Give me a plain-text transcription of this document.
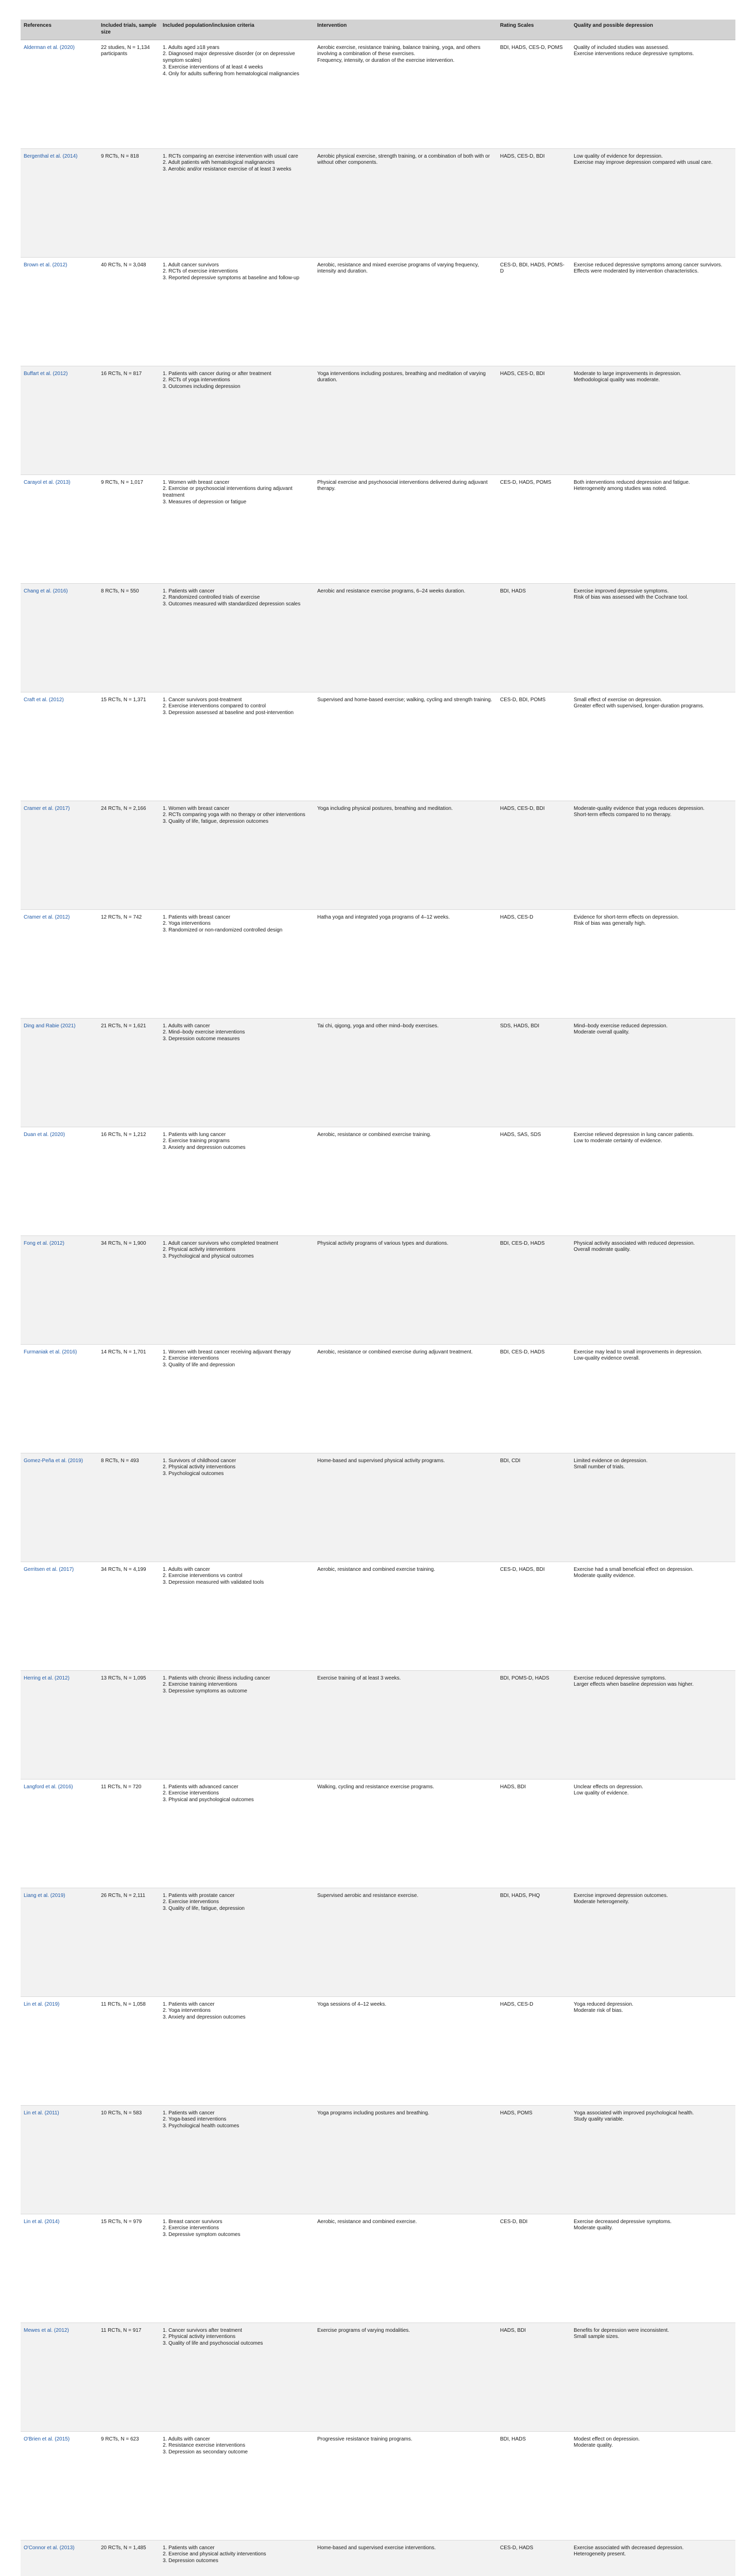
References	Included trials, sample size	Included population/inclusion criteria	Intervention	Rating Scales	Quality and possible depression
Alderman et al. (2020)	22 studies, N = 1,134 participants	1. Adults aged ≥18 years
2. Diagnosed major depressive disorder (or on depressive symptom scales)
3. Exercise interventions of at least 4 weeks
4. Only for adults suffering from hematological malignancies	Aerobic exercise, resistance training, balance training, yoga, and others involving a combination of these exercises.
Frequency, intensity, or duration of the exercise intervention.	BDI, HADS, CES-D, POMS	Quality of included studies was assessed.
Exercise interventions reduce depressive symptoms.

Bergenthal et al. (2014)	9 RCTs, N = 818	1. RCTs comparing an exercise intervention with usual care
2. Adult patients with hematological malignancies
3. Aerobic and/or resistance exercise of at least 3 weeks	Aerobic physical exercise, strength training, or a combination of both with or without other components.	HADS, CES-D, BDI	Low quality of evidence for depression.
Exercise may improve depression compared with usual care.

Brown et al. (2012)	40 RCTs, N = 3,048	1. Adult cancer survivors
2. RCTs of exercise interventions
3. Reported depressive symptoms at baseline and follow-up	Aerobic, resistance and mixed exercise programs of varying frequency, intensity and duration.	CES-D, BDI, HADS, POMS-D	Exercise reduced depressive symptoms among cancer survivors.
Effects were moderated by intervention characteristics.

Buffart et al. (2012)	16 RCTs, N = 817	1. Patients with cancer during or after treatment
2. RCTs of yoga interventions
3. Outcomes including depression	Yoga interventions including postures, breathing and meditation of varying duration.	HADS, CES-D, BDI	Moderate to large improvements in depression.
Methodological quality was moderate.

Carayol et al. (2013)	9 RCTs, N = 1,017	1. Women with breast cancer
2. Exercise or psychosocial interventions during adjuvant treatment
3. Measures of depression or fatigue	Physical exercise and psychosocial interventions delivered during adjuvant therapy.	CES-D, HADS, POMS	Both interventions reduced depression and fatigue.
Heterogeneity among studies was noted.

Chang et al. (2016)	8 RCTs, N = 550	1. Patients with cancer
2. Randomized controlled trials of exercise
3. Outcomes measured with standardized depression scales	Aerobic and resistance exercise programs, 6–24 weeks duration.	BDI, HADS	Exercise improved depressive symptoms.
Risk of bias was assessed with the Cochrane tool.

Craft et al. (2012)	15 RCTs, N = 1,371	1. Cancer survivors post-treatment
2. Exercise interventions compared to control
3. Depression assessed at baseline and post-intervention	Supervised and home-based exercise; walking, cycling and strength training.	CES-D, BDI, POMS	Small effect of exercise on depression.
Greater effect with supervised, longer-duration programs.

Cramer et al. (2017)	24 RCTs, N = 2,166	1. Women with breast cancer
2. RCTs comparing yoga with no therapy or other interventions
3. Quality of life, fatigue, depression outcomes	Yoga including physical postures, breathing and meditation.	HADS, CES-D, BDI	Moderate-quality evidence that yoga reduces depression.
Short-term effects compared to no therapy.

Cramer et al. (2012)	12 RCTs, N = 742	1. Patients with breast cancer
2. Yoga interventions
3. Randomized or non-randomized controlled design	Hatha yoga and integrated yoga programs of 4–12 weeks.	HADS, CES-D	Evidence for short-term effects on depression.
Risk of bias was generally high.

Ding and Rabie (2021)	21 RCTs, N = 1,621	1. Adults with cancer
2. Mind–body exercise interventions
3. Depression outcome measures	Tai chi, qigong, yoga and other mind–body exercises.	SDS, HADS, BDI	Mind–body exercise reduced depression.
Moderate overall quality.

Duan et al. (2020)	16 RCTs, N = 1,212	1. Patients with lung cancer
2. Exercise training programs
3. Anxiety and depression outcomes	Aerobic, resistance or combined exercise training.	HADS, SAS, SDS	Exercise relieved depression in lung cancer patients.
Low to moderate certainty of evidence.

Fong et al. (2012)	34 RCTs, N = 1,900	1. Adult cancer survivors who completed treatment
2. Physical activity interventions
3. Psychological and physical outcomes	Physical activity programs of various types and durations.	BDI, CES-D, HADS	Physical activity associated with reduced depression.
Overall moderate quality.

Furmaniak et al. (2016)	14 RCTs, N = 1,701	1. Women with breast cancer receiving adjuvant therapy
2. Exercise interventions
3. Quality of life and depression	Aerobic, resistance or combined exercise during adjuvant treatment.	BDI, CES-D, HADS	Exercise may lead to small improvements in depression.
Low-quality evidence overall.

Gomez-Peña et al. (2019)	8 RCTs, N = 493	1. Survivors of childhood cancer
2. Physical activity interventions
3. Psychological outcomes	Home-based and supervised physical activity programs.	BDI, CDI	Limited evidence on depression.
Small number of trials.

Gerritsen et al. (2017)	34 RCTs, N = 4,199	1. Adults with cancer
2. Exercise interventions vs control
3. Depression measured with validated tools	Aerobic, resistance and combined exercise training.	CES-D, HADS, BDI	Exercise had a small beneficial effect on depression.
Moderate quality evidence.

Herring et al. (2012)	13 RCTs, N = 1,095	1. Patients with chronic illness including cancer
2. Exercise training interventions
3. Depressive symptoms as outcome	Exercise training of at least 3 weeks.	BDI, POMS-D, HADS	Exercise reduced depressive symptoms.
Larger effects when baseline depression was higher.

Langford et al. (2016)	11 RCTs, N = 720	1. Patients with advanced cancer
2. Exercise interventions
3. Physical and psychological outcomes	Walking, cycling and resistance exercise programs.	HADS, BDI	Unclear effects on depression.
Low quality of evidence.

Liang et al. (2019)	26 RCTs, N = 2,111	1. Patients with prostate cancer
2. Exercise interventions
3. Quality of life, fatigue, depression	Supervised aerobic and resistance exercise.	BDI, HADS, PHQ	Exercise improved depression outcomes.
Moderate heterogeneity.

Lin et al. (2019)	11 RCTs, N = 1,058	1. Patients with cancer
2. Yoga interventions
3. Anxiety and depression outcomes	Yoga sessions of 4–12 weeks.	HADS, CES-D	Yoga reduced depression.
Moderate risk of bias.

Lin et al. (2011)	10 RCTs, N = 583	1. Patients with cancer
2. Yoga-based interventions
3. Psychological health outcomes	Yoga programs including postures and breathing.	HADS, POMS	Yoga associated with improved psychological health.
Study quality variable.

Lin et al. (2014)	15 RCTs, N = 979	1. Breast cancer survivors
2. Exercise interventions
3. Depressive symptom outcomes	Aerobic, resistance and combined exercise.	CES-D, BDI	Exercise decreased depressive symptoms.
Moderate quality.

Mewes et al. (2012)	11 RCTs, N = 917	1. Cancer survivors after treatment
2. Physical activity interventions
3. Quality of life and psychosocial outcomes	Exercise programs of varying modalities.	HADS, BDI	Benefits for depression were inconsistent.
Small sample sizes.

O'Brien et al. (2015)	9 RCTs, N = 623	1. Adults with cancer
2. Resistance exercise interventions
3. Depression as secondary outcome	Progressive resistance training programs.	BDI, HADS	Modest effect on depression.
Moderate quality.

O'Connor et al. (2013)	20 RCTs, N = 1,485	1. Patients with cancer
2. Exercise and physical activity interventions
3. Depression outcomes	Home-based and supervised exercise interventions.	CES-D, HADS	Exercise associated with decreased depression.
Heterogeneity present.
